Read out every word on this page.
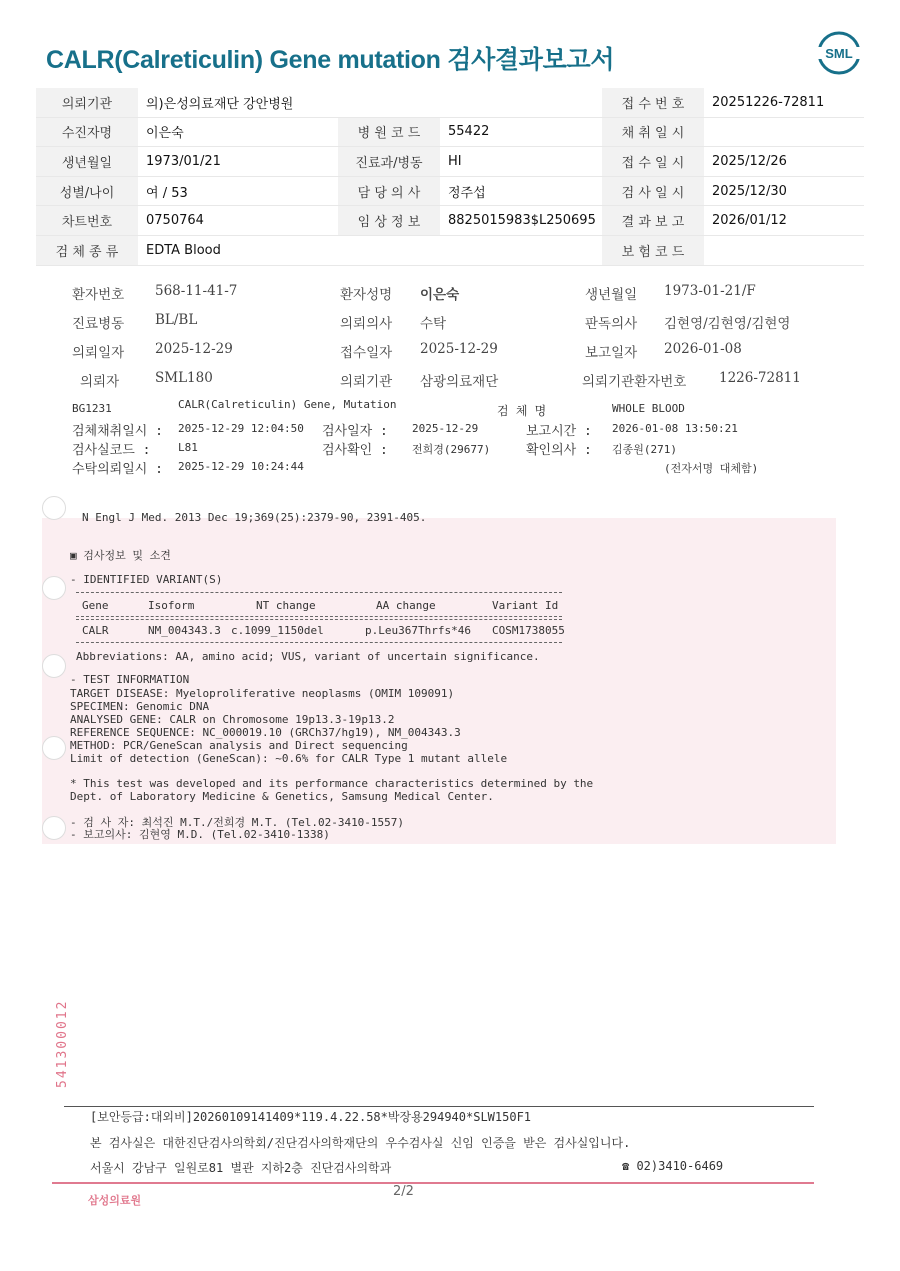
CALR(Calreticulin) Gene mutation 검사결과보고서	SML
의뢰기관	의)은성의료재단 강안병원			접 수 번 호	20251226-72811
수진자명	이은숙	병 원 코 드	55422	채 취 일 시	
생년월일	1973/01/21	진료과/병동	HI	접 수 일 시	2025/12/26
성별/나이	여 / 53	담 당 의 사	정주섭	검 사 일 시	2025/12/30
차트번호	0750764	임 상 정 보	8825015983$L250695	결 과 보 고	2026/01/12
검 체 종 류	EDTA Blood			보 험 코 드	
환자번호 568-11-41-7	환자성명 이은숙	생년월일 1973-01-21/F
진료병동 BL/BL	의뢰의사 수탁	판독의사 김현영/김현영/김현영
의뢰일자 2025-12-29	접수일자 2025-12-29	보고일자 2026-01-08
의뢰자	SML180	의뢰기관 삼광의료재단	의뢰기관환자번호 1226-72811
BG1231	CALR(Calreticulin) Gene, Mutation	검 체 명	WHOLE BLOOD
검체채취일시 : 2025-12-29 12:04:50 검사일자 : 2025-12-29	보고시간 : 2026-01-08 13:50:21
검사실코드 :	L81	검사확인 : 전희경(29677)	확인의사 : 김종원(271)
수탁의뢰일시 : 2025-12-29 10:24:44	(전자서명 대체함)
N Engl J Med. 2013 Dec 19;369(25):2379-90, 2391-405.
▣ 검사정보 및 소견
- IDENTIFIED VARIANT(S)
Gene	Isoform	NT change	AA change	Variant Id
CALR	NM_004343.3 c.1099_1150del	p.Leu367Thrfs*46 COSM1738055
Abbreviations: AA, amino acid; VUS, variant of uncertain significance.
- TEST INFORMATION
TARGET DISEASE: Myeloproliferative neoplasms (OMIM 109091)
SPECIMEN: Genomic DNA
ANALYSED GENE: CALR on Chromosome 19p13.3-19p13.2
REFERENCE SEQUENCE: NC_000019.10 (GRCh37/hg19), NM_004343.3
METHOD: PCR/GeneScan analysis and Direct sequencing
Limit of detection (GeneScan): ~0.6% for CALR Type 1 mutant allele
* This test was developed and its performance characteristics determined by the
Dept. of Laboratory Medicine & Genetics, Samsung Medical Center.
- 검 사 자: 최석진 M.T./전희경 M.T. (Tel.02-3410-1557)
- 보고의사: 김현영 M.D. (Tel.02-3410-1338)
541300012
[보안등급:대외비]20260109141409*119.4.22.58*박장용294940*SLW150F1
본 검사실은 대한진단검사의학회/진단검사의학재단의 우수검사실 신임 인증을 받은 검사실입니다.
서울시 강남구 일원로81 별관 지하2층 진단검사의학과	☎ 02)3410-6469
삼성의료원
2/2
